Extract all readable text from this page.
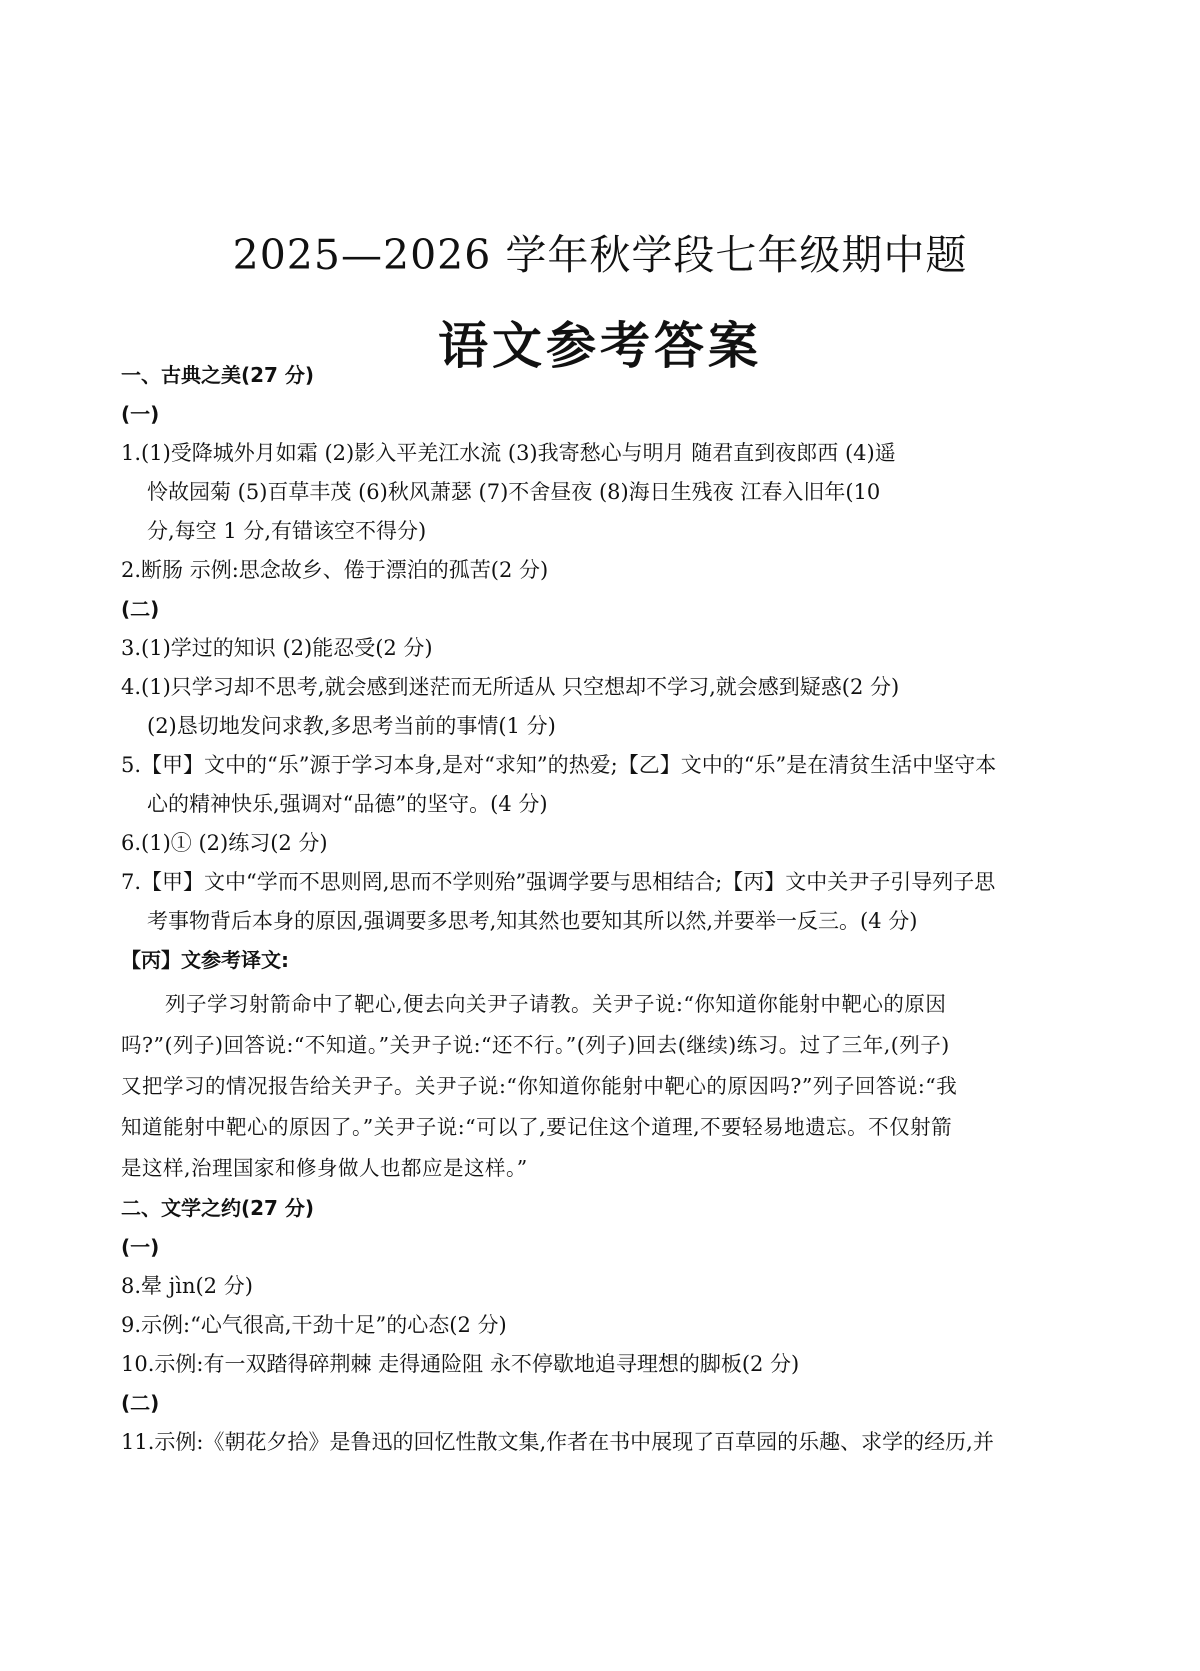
2025—2026 学年秋学段七年级期中题
语文参考答案
一、古典之美(27 分)
(一)
1.(1)受降城外月如霜 (2)影入平羌江水流 (3)我寄愁心与明月 随君直到夜郎西 (4)遥
怜故园菊 (5)百草丰茂 (6)秋风萧瑟 (7)不舍昼夜 (8)海日生残夜 江春入旧年(10
分,每空 1 分,有错该空不得分)
2.断肠 示例:思念故乡、倦于漂泊的孤苦(2 分)
(二)
3.(1)学过的知识 (2)能忍受(2 分)
4.(1)只学习却不思考,就会感到迷茫而无所适从 只空想却不学习,就会感到疑惑(2 分)
(2)恳切地发问求教,多思考当前的事情(1 分)
5.【甲】文中的“乐”源于学习本身,是对“求知”的热爱;【乙】文中的“乐”是在清贫生活中坚守本
心的精神快乐,强调对“品德”的坚守。(4 分)
6.(1)① (2)练习(2 分)
7.【甲】文中“学而不思则罔,思而不学则殆”强调学要与思相结合;【丙】文中关尹子引导列子思
考事物背后本身的原因,强调要多思考,知其然也要知其所以然,并要举一反三。(4 分)
【丙】文参考译文:
列子学习射箭命中了靶心,便去向关尹子请教。关尹子说:“你知道你能射中靶心的原因
吗?”(列子)回答说:“不知道。”关尹子说:“还不行。”(列子)回去(继续)练习。过了三年,(列子)
又把学习的情况报告给关尹子。关尹子说:“你知道你能射中靶心的原因吗?”列子回答说:“我
知道能射中靶心的原因了。”关尹子说:“可以了,要记住这个道理,不要轻易地遗忘。不仅射箭
是这样,治理国家和修身做人也都应是这样。”
二、文学之约(27 分)
(一)
8.晕 jìn(2 分)
9.示例:“心气很高,干劲十足”的心态(2 分)
10.示例:有一双踏得碎荆棘 走得通险阻 永不停歇地追寻理想的脚板(2 分)
(二)
11.示例:《朝花夕拾》是鲁迅的回忆性散文集,作者在书中展现了百草园的乐趣、求学的经历,并
